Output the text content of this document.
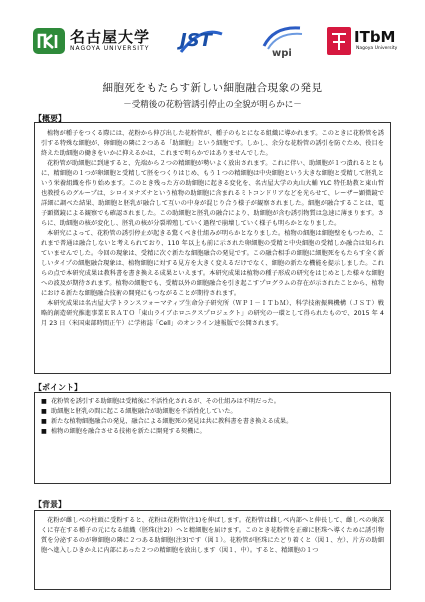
名古屋大学
NAGOYA UNIVERSITY JST
wpi
ITbM
Nagoya University
細胞死をもたらす新しい細胞融合現象の発見
－受精後の花粉管誘引停止の全貌が明らかに－
【概要】

植物が種子をつくる際には、花粉から伸び出した花粉管が、種子のもとになる組織に導かれます。このときに花粉管を誘引する特殊な細胞が、卵細胞の隣に２つある「助細胞」という細胞です。しかし、余分な花粉管の誘引を防ぐため、役目を終えた助細胞の働きをいかに抑えるかは、これまで明らかではありませんでした。

花粉管が助細胞に到達すると、先端から２つの精細胞が勢いよく放出されます。これに伴い、助細胞が１つ潰れるとともに、精細胞の１つが卵細胞と受精して胚をつくりはじめ、もう１つの精細胞は中央細胞という大きな細胞と受精して胚乳という栄養組織を作り始めます。このとき残った方の助細胞に起きる変化を、名古屋大学の丸山大輔 YLC 特任助教と東山哲也教授らのグループは、シロイヌナズナという植物の助細胞に含まれるミトコンドリアなどを光らせて、レーザー顕微鏡で詳細に調べた結果、助細胞と胚乳が融合して互いの中身が混じり合う様子が観察されました。細胞が融合することは、電子顕微鏡による観察でも確認されました。この助細胞と胚乳の融合により、助細胞が含む誘引物質は急速に薄まります。さらに、助細胞の核が変化し、胚乳の核が分裂増殖していく過程で崩壊していく様子も明らかとなりました。

本研究によって、花粉管の誘引停止が起きる驚くべき仕組みが明らかとなりました。植物の細胞は細胞壁をもつため、これまで普通は融合しないと考えられており、110 年以上も前に示された卵細胞の受精と中央細胞の受精しか融合は知られていませんでした。今回の現象は、受精に次ぐ新たな細胞融合の発見です。この融合相手の細胞に細胞死をもたらす全く新しいタイプの細胞融合現象は、植物細胞に対する見方を大きく変えるだけでなく、細胞の新たな機能を提示しました。これらの点で本研究成果は教科書を書き換える成果といえます。本研究成果は植物の種子形成の研究をはじめとした様々な細胞への波及が期待されます。植物の細胞でも、受精以外の細胞融合を引き起こすプログラムの存在が示されたことから、植物における新たな細胞融合技術の開発にもつながることが期待されます。

本研究成果は名古屋大学トランスフォーマティブ生命分子研究所（ＷＰＩ－ＩＴｂＭ）、科学技術振興機構（ＪＳＴ）戦略的創造研究推進事業ＥＲＡＴＯ「東山ライブホロニクスプロジェクト」の研究の一環として得られたもので、2015 年 4 月 23 日（米国東部時間正午）に学術誌「Cell」のオンライン速報版で公開されます。

【ポイント】
■ 花粉管を誘引する助細胞は受精後に不活性化されるが、その仕組みは不明だった。
■ 助細胞と胚乳の間に起こる細胞融合が助細胞を不活性化していた。
■ 新たな植物細胞融合の発見、融合による細胞死の発見は共に教科書を書き換える成果。
■ 植物の細胞を融合させる技術を新たに開発する契機に。
【背景】

花粉が雌しべの柱頭に受粉すると、花粉は花粉管(注1)を伸ばします。花粉管は雌しべ内部へと伸長して、雌しべの奥深くに存在する種子の元になる組織（胚珠(注2)）へと精細胞を届けます。このとき花粉管を正確に胚珠へ導くために誘引物質を分泌するのが卵細胞の隣に２つある助細胞(注3)です（図１）。花粉管が胚珠にたどり着くと（図１、左）、片方の助細胞へ進入しひきかえに内部にあった２つの精細胞を放出します（図１、中）。すると、精細胞の１つ
